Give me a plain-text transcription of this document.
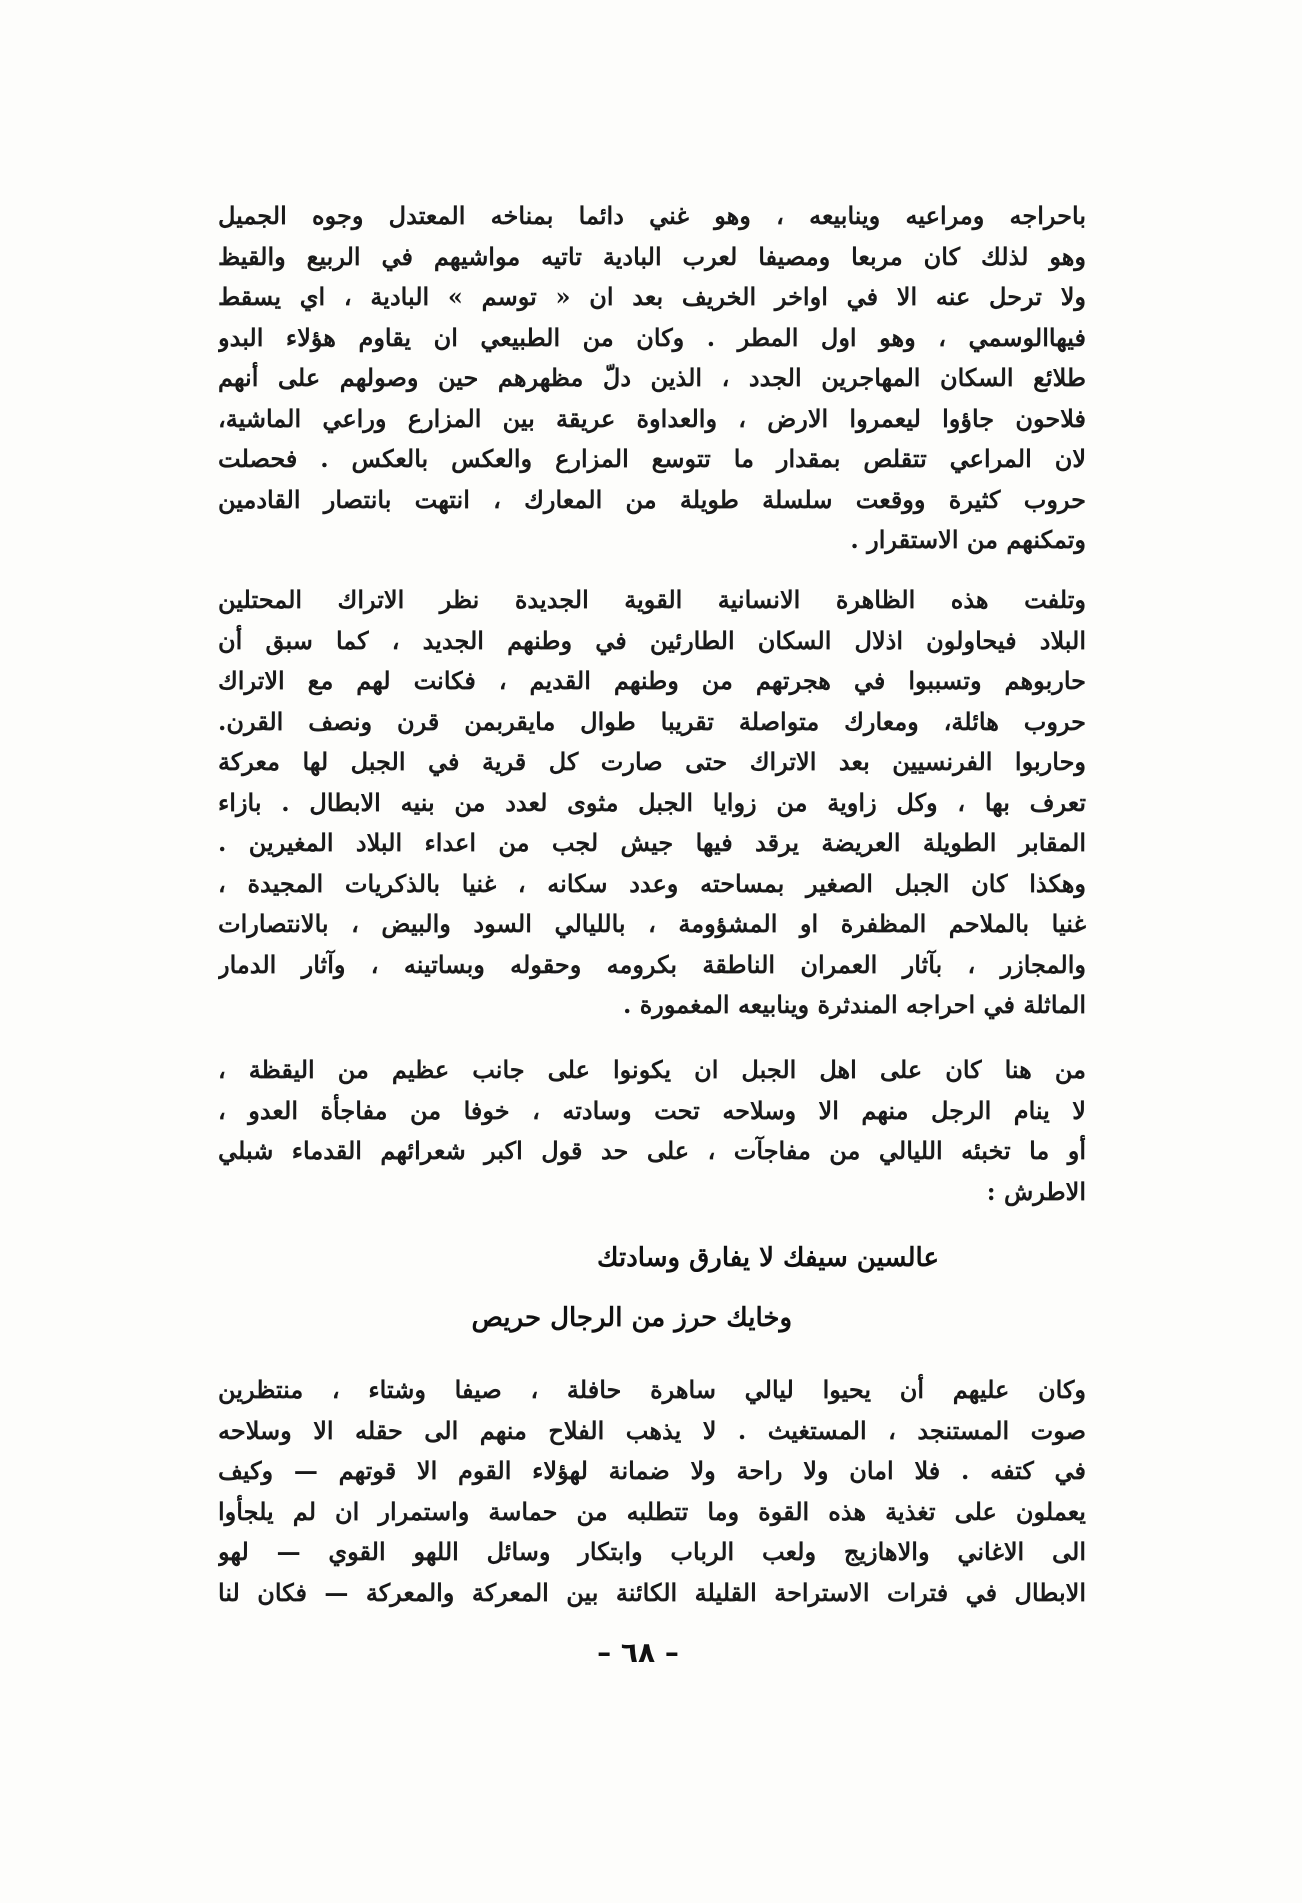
باحراجه ومراعيه وينابيعه ، وهو غني دائما بمناخه المعتدل وجوه الجميل
وهو لذلك كان مربعا ومصيفا لعرب البادية تاتيه مواشيهم في الربيع والقيظ
ولا ترحل عنه الا في اواخر الخريف بعد ان « توسم » البادية ، اي يسقط
فيهاالوسمي ، وهو اول المطر . وكان من الطبيعي ان يقاوم هؤلاء البدو
طلائع السكان المهاجرين الجدد ، الذين دلّ مظهرهم حين وصولهم على أنهم
فلاحون جاؤوا ليعمروا الارض ، والعداوة عريقة بين المزارع وراعي الماشية،
لان المراعي تتقلص بمقدار ما تتوسع المزارع والعكس بالعكس . فحصلت
حروب كثيرة ووقعت سلسلة طويلة من المعارك ، انتهت بانتصار القادمين
وتمكنهم من الاستقرار .
وتلفت هذه الظاهرة الانسانية القوية الجديدة نظر الاتراك المحتلين
البلاد فيحاولون اذلال السكان الطارئين في وطنهم الجديد ، كما سبق أن
حاربوهم وتسببوا في هجرتهم من وطنهم القديم ، فكانت لهم مع الاتراك
حروب هائلة، ومعارك متواصلة تقريبا طوال مايقربمن قرن ونصف القرن.
وحاربوا الفرنسيين بعد الاتراك حتى صارت كل قرية في الجبل لها معركة
تعرف بها ، وكل زاوية من زوايا الجبل مثوى لعدد من بنيه الابطال . بازاء
المقابر الطويلة العريضة يرقد فيها جيش لجب من اعداء البلاد المغيرين .
وهكذا كان الجبل الصغير بمساحته وعدد سكانه ، غنيا بالذكريات المجيدة ،
غنيا بالملاحم المظفرة او المشؤومة ، بالليالي السود والبيض ، بالانتصارات
والمجازر ، بآثار العمران الناطقة بكرومه وحقوله وبساتينه ، وآثار الدمار
الماثلة في احراجه المندثرة وينابيعه المغمورة .
من هنا كان على اهل الجبل ان يكونوا على جانب عظيم من اليقظة ،
لا ينام الرجل منهم الا وسلاحه تحت وسادته ، خوفا من مفاجأة العدو ،
أو ما تخبئه الليالي من مفاجآت ، على حد قول اكبر شعرائهم القدماء شبلي
الاطرش :
عالسين سيفك لا يفارق وسادتك
وخايك حرز من الرجال حريص
وكان عليهم أن يحيوا ليالي ساهرة حافلة ، صيفا وشتاء ، منتظرين
صوت المستنجد ، المستغيث . لا يذهب الفلاح منهم الى حقله الا وسلاحه
في كتفه . فلا امان ولا راحة ولا ضمانة لهؤلاء القوم الا قوتهم — وكيف
يعملون على تغذية هذه القوة وما تتطلبه من حماسة واستمرار ان لم يلجأوا
الى الاغاني والاهازيج ولعب الرباب وابتكار وسائل اللهو القوي — لهو
الابطال في فترات الاستراحة القليلة الكائنة بين المعركة والمعركة — فكان لنا
– ٦٨ –
